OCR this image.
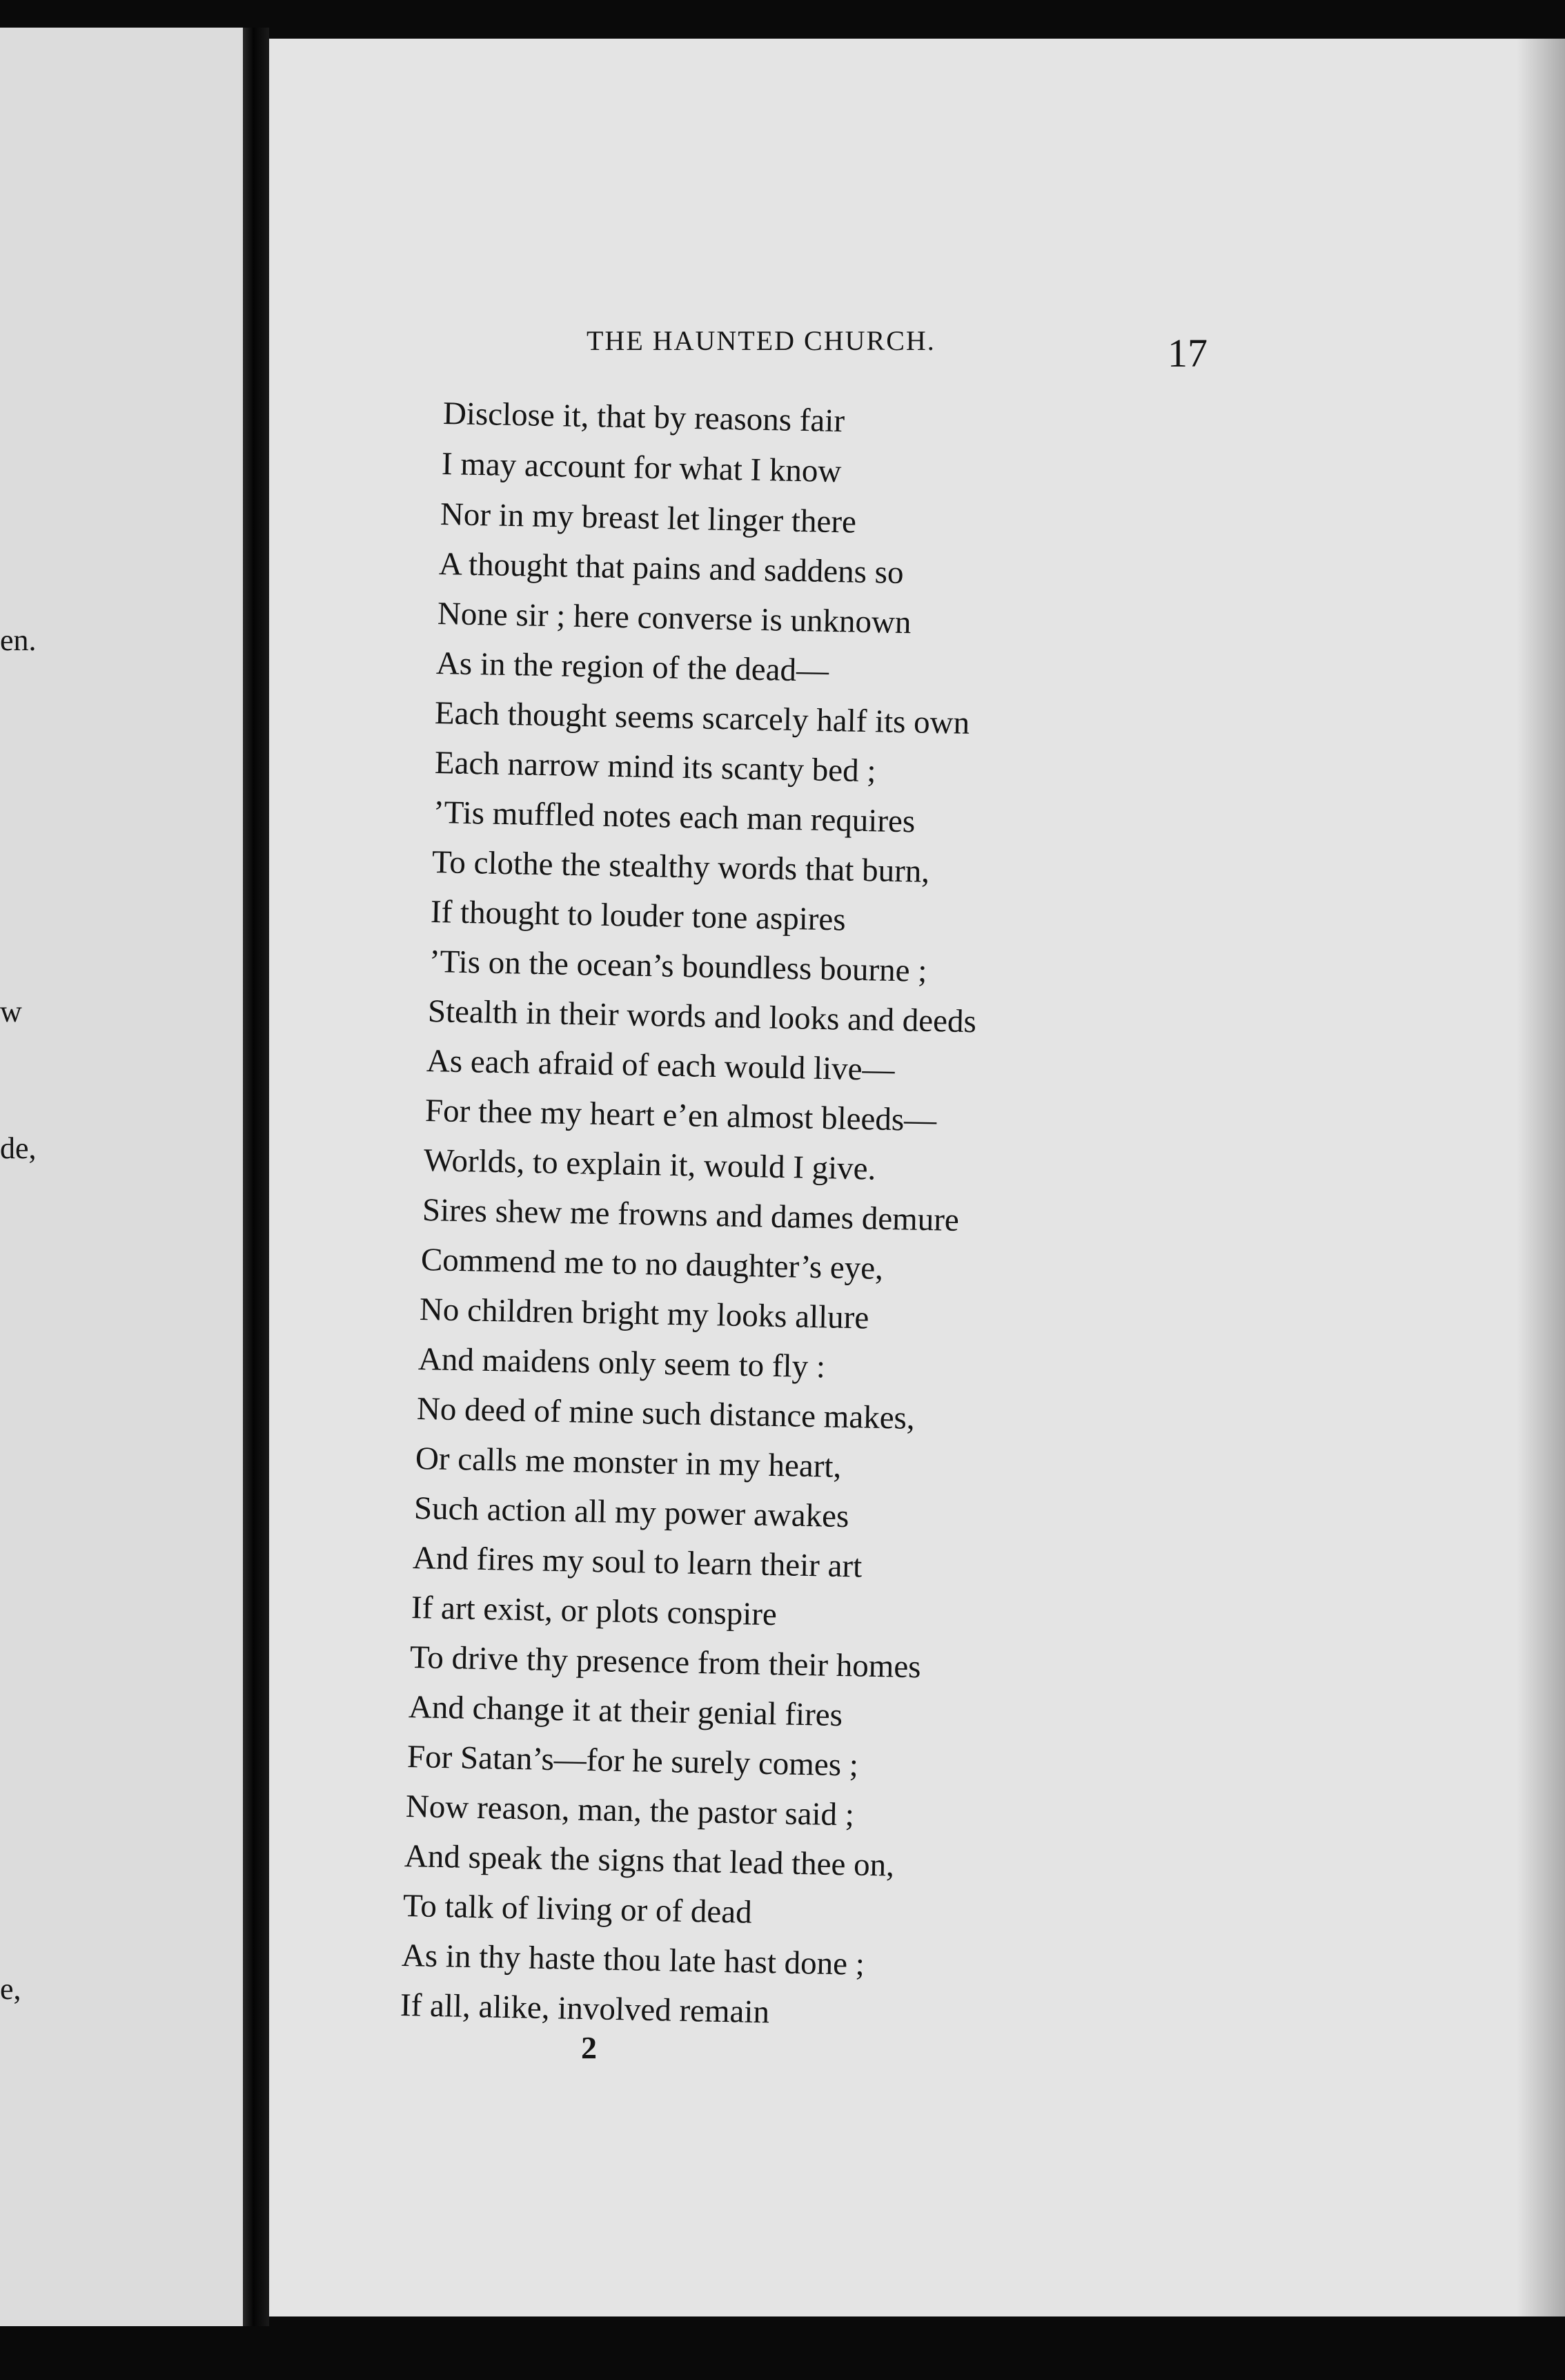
en.
w
de,
e,
THE HAUNTED CHURCH.	17
Disclose it, that by reasons fair
I may account for what I know
Nor in my breast let linger there
A thought that pains and saddens so
None sir ; here converse is unknown
As in the region of the dead—
Each thought seems scarcely half its own
Each narrow mind its scanty bed ;
’Tis muffled notes each man requires
To clothe the stealthy words that burn,
If thought to louder tone aspires
’Tis on the ocean’s boundless bourne ;
Stealth in their words and looks and deeds
As each afraid of each would live—
For thee my heart e’en almost bleeds—
Worlds, to explain it, would I give.
Sires shew me frowns and dames demure
Commend me to no daughter’s eye,
No children bright my looks allure
And maidens only seem to fly :
No deed of mine such distance makes,
Or calls me monster in my heart,
Such action all my power awakes
And fires my soul to learn their art
If art exist, or plots conspire
To drive thy presence from their homes
And change it at their genial fires
For Satan’s—for he surely comes ;
Now reason, man, the pastor said ;
And speak the signs that lead thee on,
To talk of living or of dead
As in thy haste thou late hast done ;
If all, alike, involved remain
2
